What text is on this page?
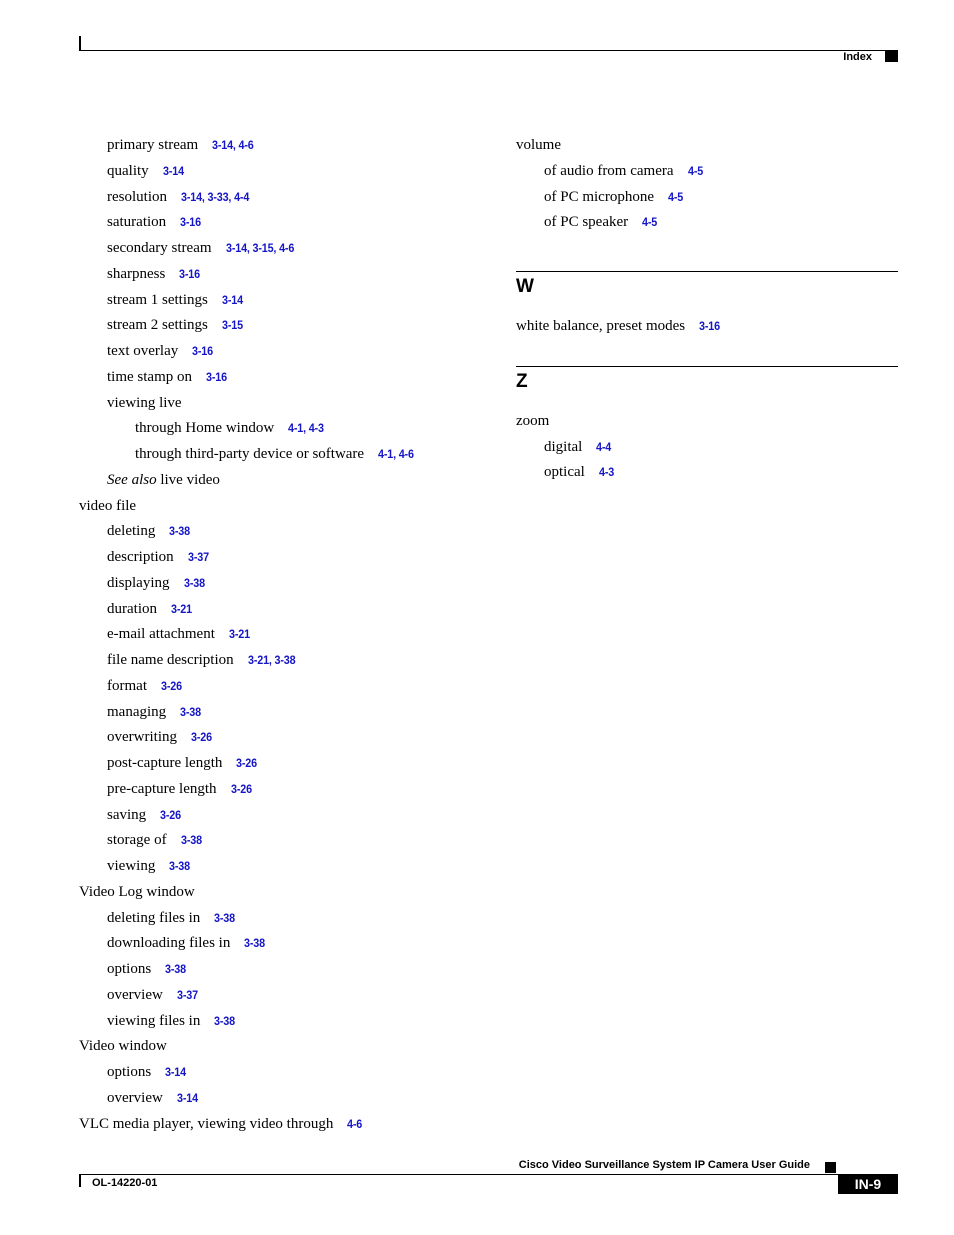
Index
primary stream 3-14, 4-6
quality 3-14
resolution 3-14, 3-33, 4-4
saturation 3-16
secondary stream 3-14, 3-15, 4-6
sharpness 3-16
stream 1 settings 3-14
stream 2 settings 3-15
text overlay 3-16
time stamp on 3-16
viewing live
through Home window 4-1, 4-3
through third-party device or software 4-1, 4-6
See also live video
video file
deleting 3-38
description 3-37
displaying 3-38
duration 3-21
e-mail attachment 3-21
file name description 3-21, 3-38
format 3-26
managing 3-38
overwriting 3-26
post-capture length 3-26
pre-capture length 3-26
saving 3-26
storage of 3-38
viewing 3-38
Video Log window
deleting files in 3-38
downloading files in 3-38
options 3-38
overview 3-37
viewing files in 3-38
Video window
options 3-14
overview 3-14
VLC media player, viewing video through 4-6
volume
of audio from camera 4-5
of PC microphone 4-5
of PC speaker 4-5
W
white balance, preset modes 3-16
Z
zoom
digital 4-4
optical 4-3
Cisco Video Surveillance System IP Camera User Guide
OL-14220-01	IN-9
